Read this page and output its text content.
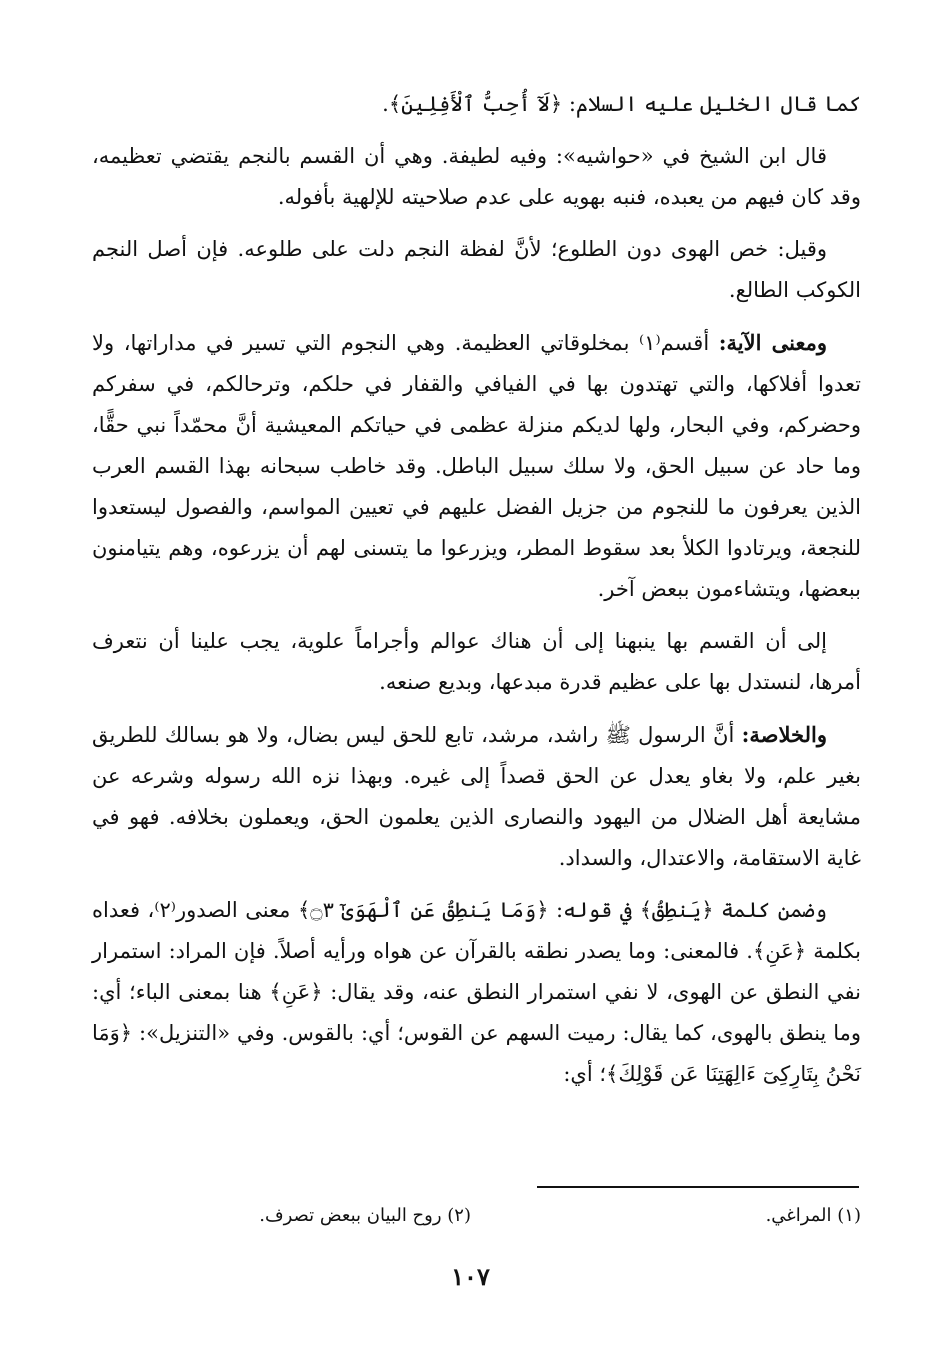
كما قال الخليل عليه السلام: ﴿لَآ أُحِبُّ ٱلْأَفِلِينَ﴾.

قال ابن الشيخ في «حواشيه»: وفيه لطيفة. وهي أن القسم بالنجم يقتضي تعظيمه، وقد كان فيهم من يعبده، فنبه بهويه على عدم صلاحيته للإلهية بأفوله.

وقيل: خص الهوى دون الطلوع؛ لأنَّ لفظة النجم دلت على طلوعه. فإن أصل النجم الكوكب الطالع.

ومعنى الآية: أقسم⁽١⁾ بمخلوقاتي العظيمة. وهي النجوم التي تسير في مداراتها، ولا تعدوا أفلاكها، والتي تهتدون بها في الفيافي والقفار في حلكم، وترحالكم، في سفركم وحضركم، وفي البحار، ولها لديكم منزلة عظمى في حياتكم المعيشية أنَّ محمّداً نبي حقًّا، وما حاد عن سبيل الحق، ولا سلك سبيل الباطل. وقد خاطب سبحانه بهذا القسم العرب الذين يعرفون ما للنجوم من جزيل الفضل عليهم في تعيين المواسم، والفصول ليستعدوا للنجعة، ويرتادوا الكلأ بعد سقوط المطر، ويزرعوا ما يتسنى لهم أن يزرعوه، وهم يتيامنون ببعضها، ويتشاءمون ببعض آخر.

إلى أن القسم بها ينبهنا إلى أن هناك عوالم وأجراماً علوية، يجب علينا أن نتعرف أمرها، لنستدل بها على عظيم قدرة مبدعها، وبديع صنعه.

والخلاصة: أنَّ الرسول ﷺ راشد، مرشد، تابع للحق ليس بضال، ولا هو بسالك للطريق بغير علم، ولا بغاو يعدل عن الحق قصداً إلى غيره. وبهذا نزه الله رسوله وشرعه عن مشايعة أهل الضلال من اليهود والنصارى الذين يعلمون الحق، ويعملون بخلافه. فهو في غاية الاستقامة، والاعتدال، والسداد.

وضمن كلمة ﴿يَنطِقُ﴾ في قوله: ﴿وَمَا يَنطِقُ عَنِ ٱلْهَوَىٰٓ ۝٣﴾ معنى الصدور⁽٢⁾، فعداه بكلمة ﴿عَنِ﴾. فالمعنى: وما يصدر نطقه بالقرآن عن هواه ورأيه أصلاً. فإن المراد: استمرار نفي النطق عن الهوى، لا نفي استمرار النطق عنه، وقد يقال: ﴿عَنِ﴾ هنا بمعنى الباء؛ أي: وما ينطق بالهوى، كما يقال: رميت السهم عن القوس؛ أي: بالقوس. وفي «التنزيل»: ﴿وَمَا نَحْنُ بِتَارِكِىٓ ءَالِهَتِنَا عَن قَوْلِكَ﴾؛ أي:

(١) المراغي.
(٢) روح البيان ببعض تصرف.
١٠٧
